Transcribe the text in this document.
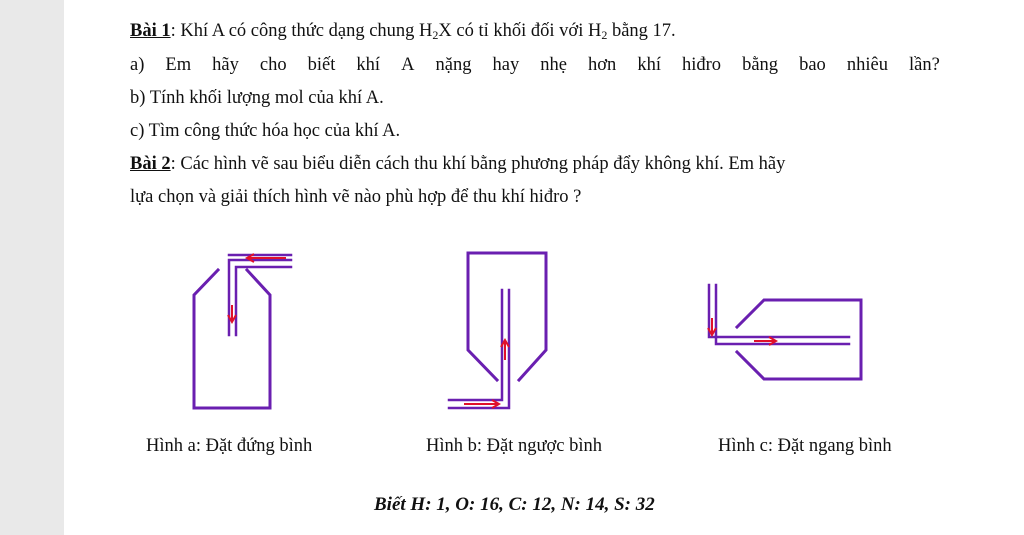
Bài 1: Khí A có công thức dạng chung $H_2X$ có tỉ khối đối với $H_2$ bằng 17.
a) Em hãy cho biết khí A nặng hay nhẹ hơn khí hiđro bằng bao nhiêu lần?
b) Tính khối lượng mol của khí A.
c) Tìm công thức hóa học của khí A.
Bài 2: Các hình vẽ sau biểu diễn cách thu khí bằng phương pháp đẩy không khí. Em hãy
lựa chọn và giải thích hình vẽ nào phù hợp để thu khí hiđro ?
Hình a: Đặt đứng bình	Hình b: Đặt ngược bình	Hình c: Đặt ngang bình
Biết H: 1, O: 16, C: 12, N: 14, S: 32
